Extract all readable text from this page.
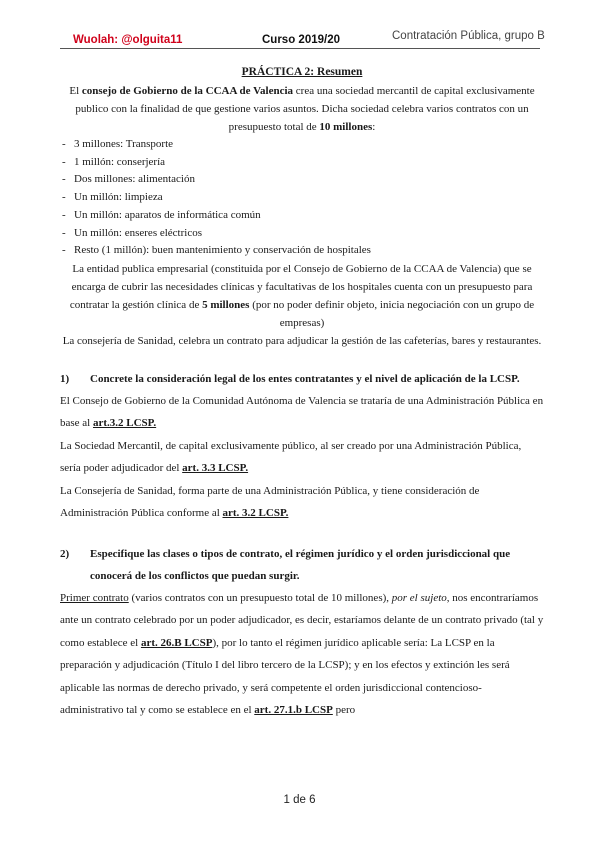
Wuolah: @olguita11	Curso 2019/20	Contratación Pública, grupo B
PRÁCTICA 2: Resumen
El consejo de Gobierno de la CCAA de Valencia crea una sociedad mercantil de capital exclusivamente publico con la finalidad de que gestione varios asuntos. Dicha sociedad celebra varios contratos con un presupuesto total de 10 millones:
- 3 millones: Transporte
- 1 millón: conserjería
- Dos millones: alimentación
- Un millón: limpieza
- Un millón: aparatos de informática común
- Un millón: enseres eléctricos
- Resto (1 millón): buen mantenimiento y conservación de hospitales
La entidad publica empresarial (constituida por el Consejo de Gobierno de la CCAA de Valencia) que se encarga de cubrir las necesidades clínicas y facultativas de los hospitales cuenta con un presupuesto para contratar la gestión clínica de 5 millones (por no poder definir objeto, inicia negociación con un grupo de empresas)
La consejería de Sanidad, celebra un contrato para adjudicar la gestión de las cafeterías, bares y restaurantes.
1) Concrete la consideración legal de los entes contratantes y el nivel de aplicación de la LCSP.
El Consejo de Gobierno de la Comunidad Autónoma de Valencia se trataría de una Administración Pública en base al art.3.2 LCSP.
La Sociedad Mercantil, de capital exclusivamente público, al ser creado por una Administración Pública, sería poder adjudicador del art. 3.3 LCSP.
La Consejería de Sanidad, forma parte de una Administración Pública, y tiene consideración de Administración Pública conforme al art. 3.2 LCSP.
2) Especifique las clases o tipos de contrato, el régimen jurídico y el orden jurisdiccional que conocerá de los conflictos que puedan surgir.
Primer contrato (varios contratos con un presupuesto total de 10 millones), por el sujeto, nos encontraríamos ante un contrato celebrado por un poder adjudicador, es decir, estaríamos delante de un contrato privado (tal y como establece el art. 26.B LCSP), por lo tanto el régimen jurídico aplicable sería: La LCSP en la preparación y adjudicación (Título I del libro tercero de la LCSP); y en los efectos y extinción les será aplicable las normas de derecho privado, y será competente el orden jurisdiccional contencioso-administrativo tal y como se establece en el art. 27.1.b LCSP pero
1 de 6
